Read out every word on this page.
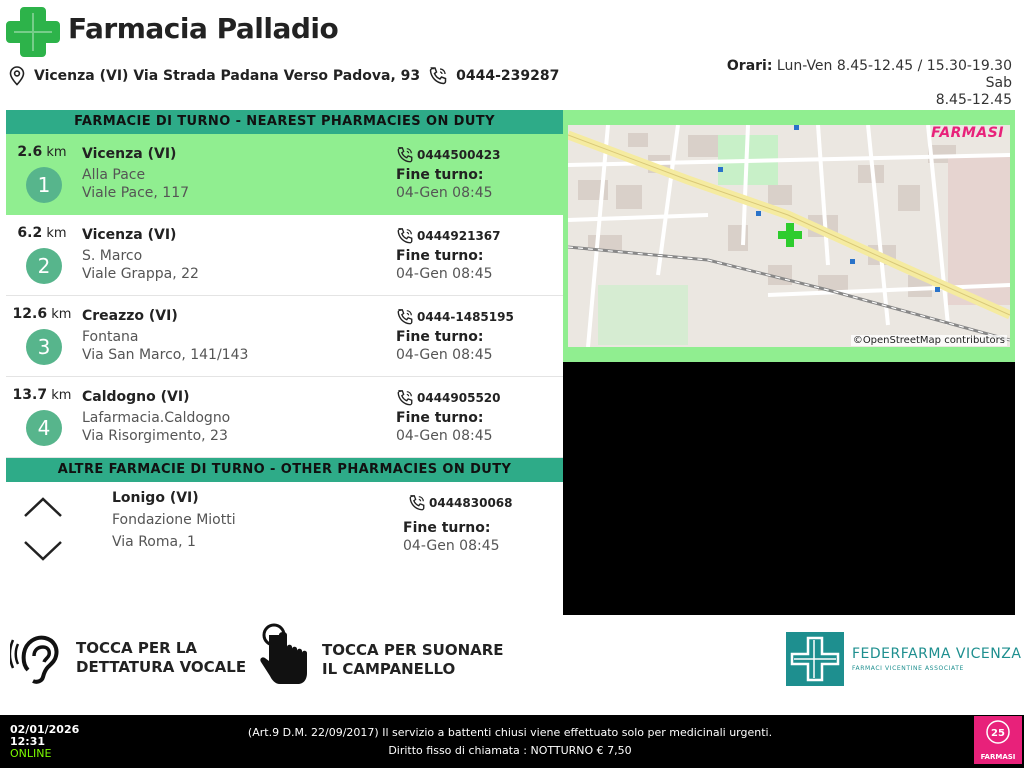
Farmacia Palladio
Vicenza (VI) Via Strada Padana Verso Padova, 93	0444-239287
Orari: Lun-Ven 8.45-12.45 / 15.30-19.30 Sab
8.45-12.45
FARMACIE DI TURNO - NEAREST PHARMACIES ON DUTY
2.6 km
1
Vicenza (VI)
Alla Pace
Viale Pace, 117
0444500423
Fine turno:
04-Gen 08:45
6.2 km
2
Vicenza (VI)
S. Marco
Viale Grappa, 22
0444921367
Fine turno:
04-Gen 08:45
12.6 km
3
Creazzo (VI)
Fontana
Via San Marco, 141/143
0444-1485195
Fine turno:
04-Gen 08:45
13.7 km
4
Caldogno (VI)
Lafarmacia.Caldogno
Via Risorgimento, 23
0444905520
Fine turno:
04-Gen 08:45
ALTRE FARMACIE DI TURNO - OTHER PHARMACIES ON DUTY
Lonigo (VI)
Fondazione Miotti
Via Roma, 1
0444830068
Fine turno:
04-Gen 08:45
FARMASI
©OpenStreetMap contributors
TOCCA PER LA
DETTATURA VOCALE
TOCCA PER SUONARE
IL CAMPANELLO
FEDERFARMA VICENZA
FARMACI VICENTINE ASSOCIATE
02/01/2026
12:31
ONLINE
(Art.9 D.M. 22/09/2017) Il servizio a battenti chiusi viene effettuato solo per medicinali urgenti.
Diritto fisso di chiamata : NOTTURNO € 7,50
25
FARMASI
